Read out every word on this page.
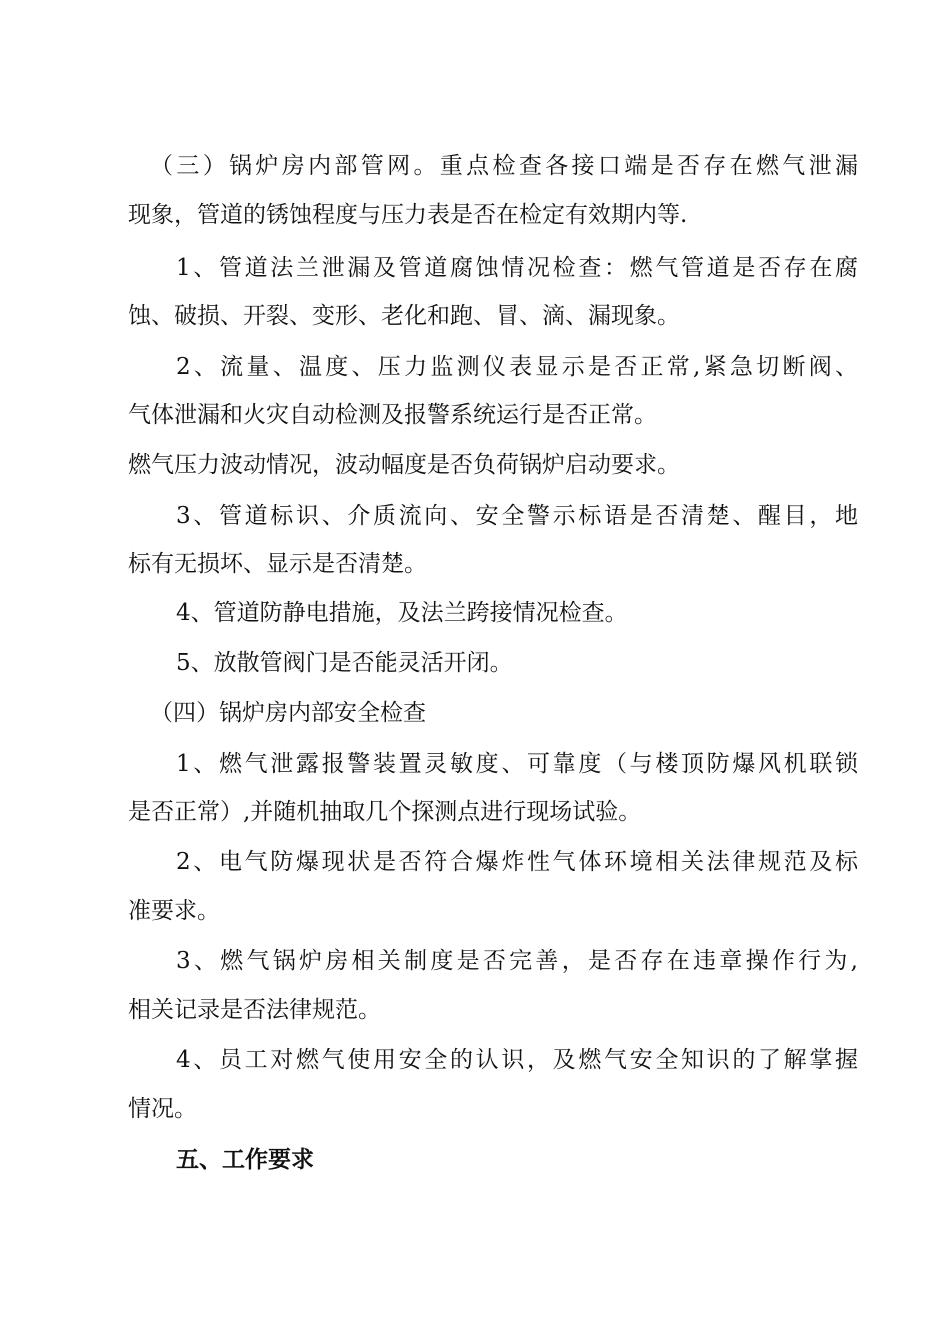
（三）锅炉房内部管网。重点检查各接口端是否存在燃气泄漏
现象，管道的锈蚀程度与压力表是否在检定有效期内等.
1、管道法兰泄漏及管道腐蚀情况检查：燃气管道是否存在腐
蚀、破损、开裂、变形、老化和跑、冒、滴、漏现象。
2、流量、温度、压力监测仪表显示是否正常,紧急切断阀、
气体泄漏和火灾自动检测及报警系统运行是否正常。
燃气压力波动情况，波动幅度是否负荷锅炉启动要求。
3、管道标识、介质流向、安全警示标语是否清楚、醒目，地
标有无损坏、显示是否清楚。
4、管道防静电措施，及法兰跨接情况检查。
5、放散管阀门是否能灵活开闭。
（四）锅炉房内部安全检查
1、燃气泄露报警装置灵敏度、可靠度（与楼顶防爆风机联锁
是否正常）,并随机抽取几个探测点进行现场试验。
2、电气防爆现状是否符合爆炸性气体环境相关法律规范及标
准要求。
3、燃气锅炉房相关制度是否完善，是否存在违章操作行为,
相关记录是否法律规范。
4、员工对燃气使用安全的认识，及燃气安全知识的了解掌握
情况。
五、工作要求
